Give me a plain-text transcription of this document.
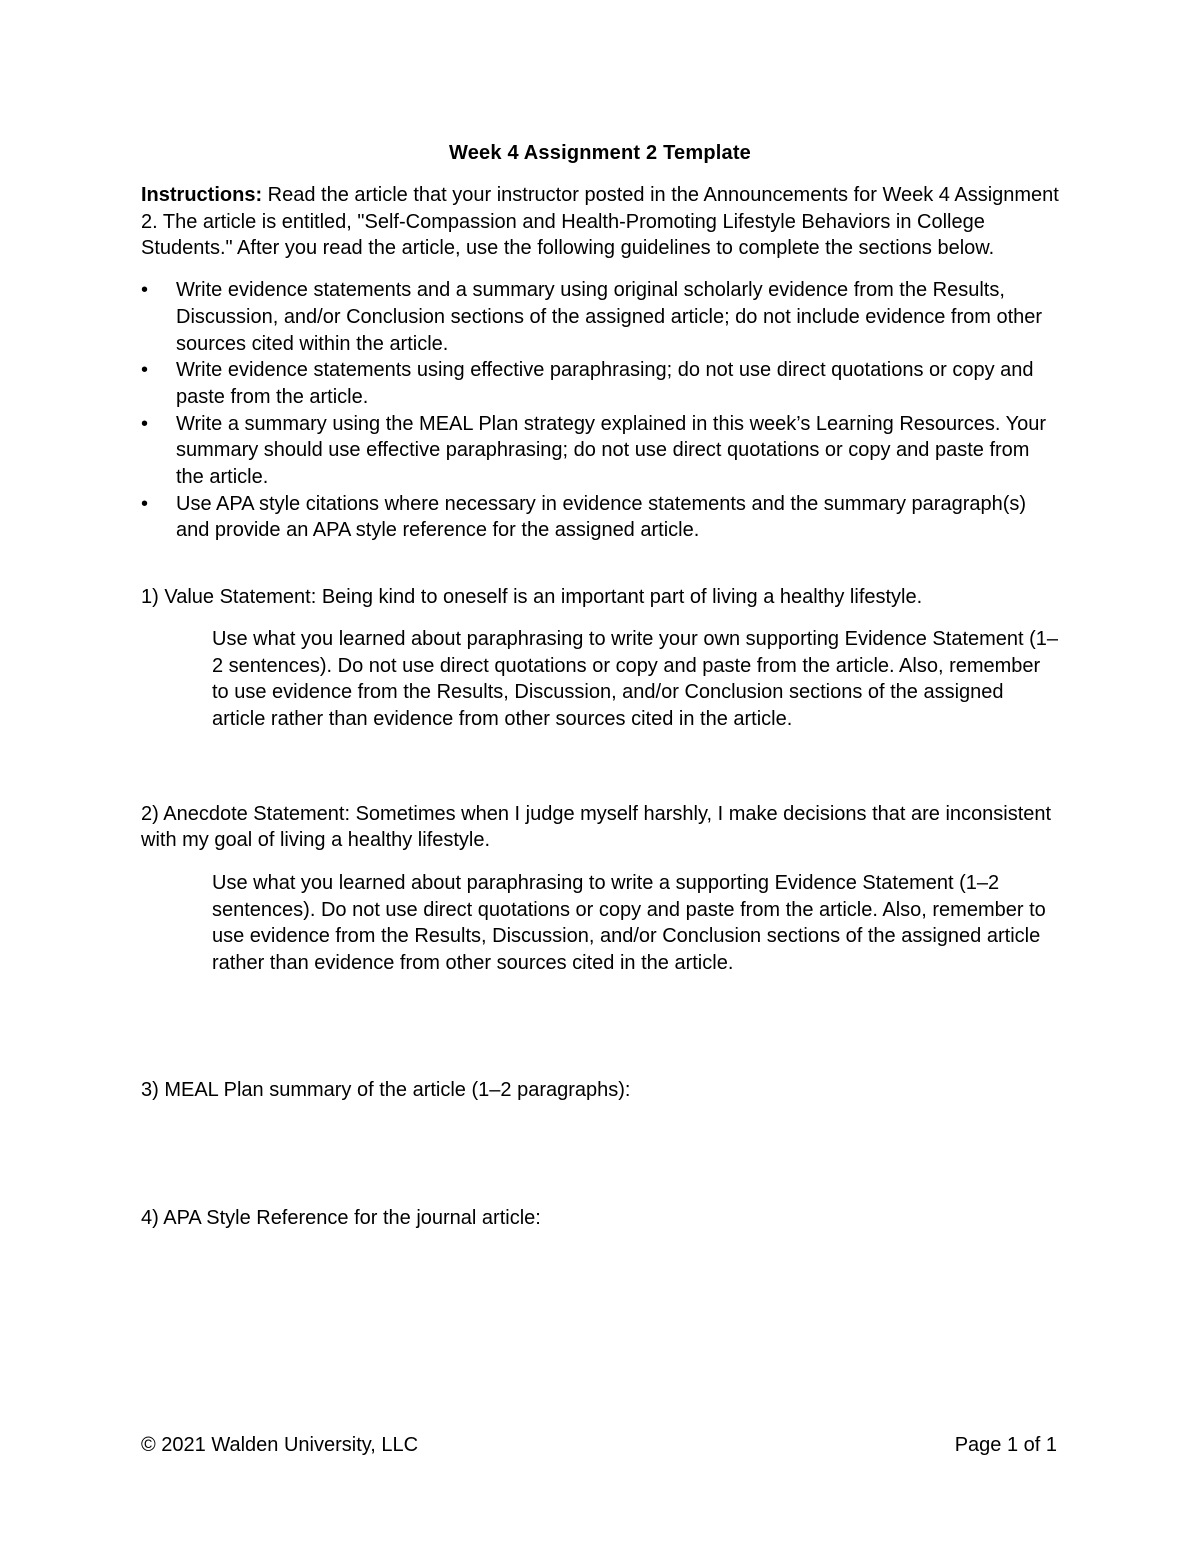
Week 4 Assignment 2 Template

Instructions: Read the article that your instructor posted in the Announcements for Week 4 Assignment 2. The article is entitled, "Self-Compassion and Health-Promoting Lifestyle Behaviors in College Students." After you read the article, use the following guidelines to complete the sections below.

• Write evidence statements and a summary using original scholarly evidence from the Results, Discussion, and/or Conclusion sections of the assigned article; do not include evidence from other sources cited within the article.
• Write evidence statements using effective paraphrasing; do not use direct quotations or copy and paste from the article.
• Write a summary using the MEAL Plan strategy explained in this week’s Learning Resources. Your summary should use effective paraphrasing; do not use direct quotations or copy and paste from the article.
• Use APA style citations where necessary in evidence statements and the summary paragraph(s) and provide an APA style reference for the assigned article.

1) Value Statement: Being kind to oneself is an important part of living a healthy lifestyle.

Use what you learned about paraphrasing to write your own supporting Evidence Statement (1–2 sentences). Do not use direct quotations or copy and paste from the article. Also, remember to use evidence from the Results, Discussion, and/or Conclusion sections of the assigned article rather than evidence from other sources cited in the article.

2) Anecdote Statement: Sometimes when I judge myself harshly, I make decisions that are inconsistent with my goal of living a healthy lifestyle.

Use what you learned about paraphrasing to write a supporting Evidence Statement (1–2 sentences). Do not use direct quotations or copy and paste from the article. Also, remember to use evidence from the Results, Discussion, and/or Conclusion sections of the assigned article rather than evidence from other sources cited in the article.

3) MEAL Plan summary of the article (1–2 paragraphs):

4) APA Style Reference for the journal article:

© 2021 Walden University, LLC	Page 1 of 1
